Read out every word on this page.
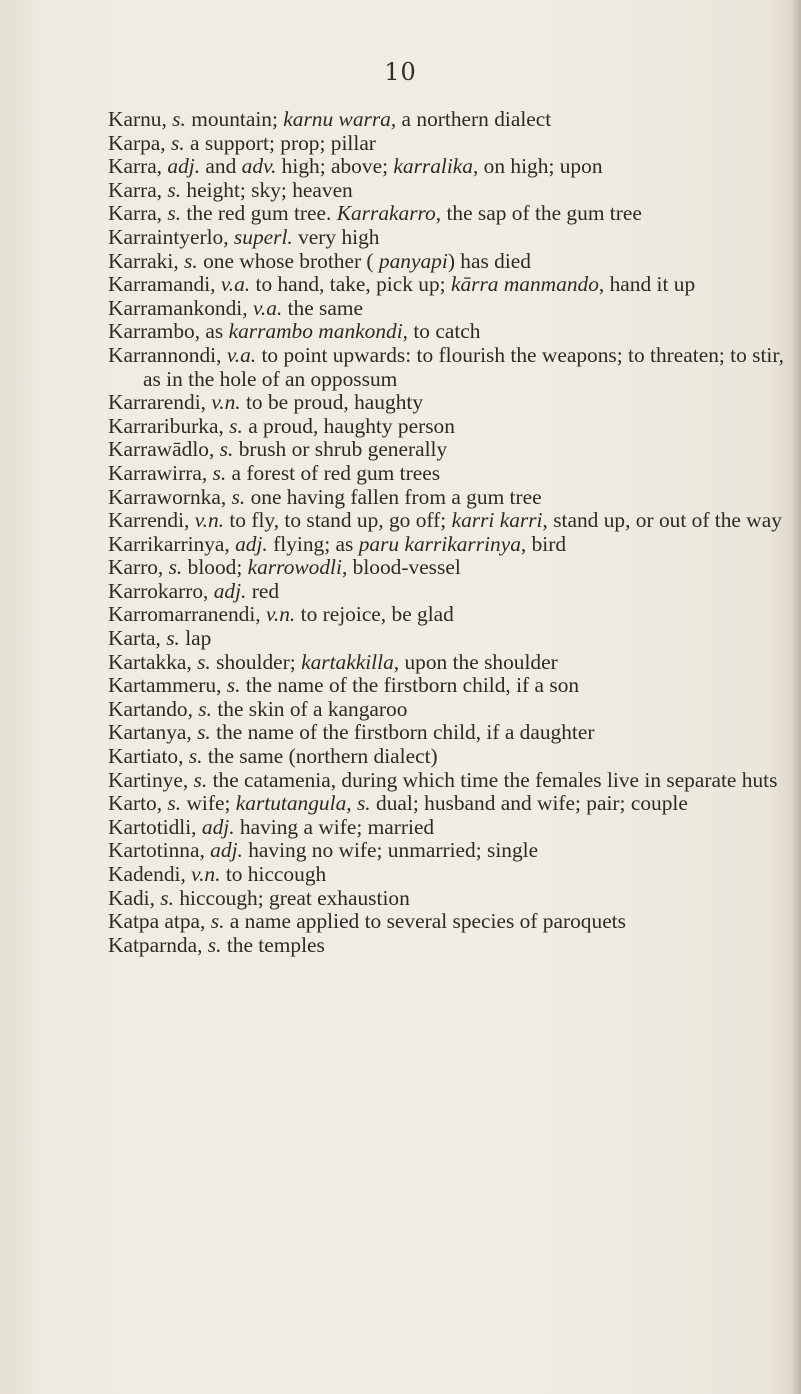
10
Karnu, s. mountain; karnu warra, a northern dialect
Karpa, s. a support; prop; pillar
Karra, adj. and adv. high; above; karralika, on high; upon
Karra, s. height; sky; heaven
Karra, s. the red gum tree. Karrakarro, the sap of the gum tree
Karraintyerlo, superl. very high
Karraki, s. one whose brother ( panyapi) has died
Karramandi, v.a. to hand, take, pick up; kārra manmando, hand it up
Karramankondi, v.a. the same
Karrambo, as karrambo mankondi, to catch
Karrannondi, v.a. to point upwards: to flourish the weapons; to threaten; to stir, as in the hole of an oppossum
Karrarendi, v.n. to be proud, haughty
Karrariburka, s. a proud, haughty person
Karrawādlo, s. brush or shrub generally
Karrawirra, s. a forest of red gum trees
Karrawornka, s. one having fallen from a gum tree
Karrendi, v.n. to fly, to stand up, go off; karri karri, stand up, or out of the way
Karrikarrinya, adj. flying; as paru karrikarrinya, bird
Karro, s. blood; karrowodli, blood-vessel
Karrokarro, adj. red
Karromarranendi, v.n. to rejoice, be glad
Karta, s. lap
Kartakka, s. shoulder; kartakkilla, upon the shoulder
Kartammeru, s. the name of the firstborn child, if a son
Kartando, s. the skin of a kangaroo
Kartanya, s. the name of the firstborn child, if a daughter
Kartiato, s. the same (northern dialect)
Kartinye, s. the catamenia, during which time the females live in separate huts
Karto, s. wife; kartutangula, s. dual; husband and wife; pair; couple
Kartotidli, adj. having a wife; married
Kartotinna, adj. having no wife; unmarried; single
Kadendi, v.n. to hiccough
Kadi, s. hiccough; great exhaustion
Katpa atpa, s. a name applied to several species of paroquets
Katparnda, s. the temples
